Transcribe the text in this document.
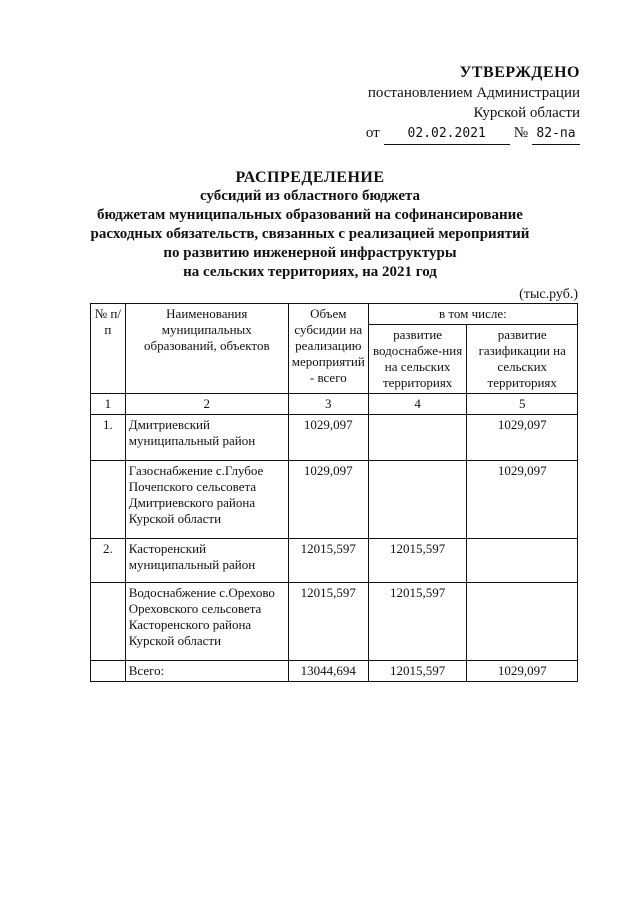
УТВЕРЖДЕНО
постановлением Администрации
Курской области
от	02.02.2021	№ 82-па
РАСПРЕДЕЛЕНИЕ
субсидий из областного бюджета
бюджетам муниципальных образований на софинансирование
расходных обязательств, связанных с реализацией мероприятий
по развитию инженерной инфраструктуры
на сельских территориях, на 2021 год
(тыс.руб.)
№ п/п	Наименования муниципальных образований, объектов	Объем субсидии на реализацию мероприятий - всего	в том числе:	
			развитие водоснабже-ния на сельских территориях	развитие газификации на сельских территориях
1	2	3	4	5
1.	Дмитриевский муниципальный район	1029,097		1029,097
	Газоснабжение с.Глубое Почепского сельсовета Дмитриевского района Курской области	1029,097		1029,097
2.	Касторенский муниципальный район	12015,597	12015,597	
	Водоснабжение с.Орехово Ореховского сельсовета Касторенского района Курской области	12015,597	12015,597	
	Всего:	13044,694	12015,597	1029,097
